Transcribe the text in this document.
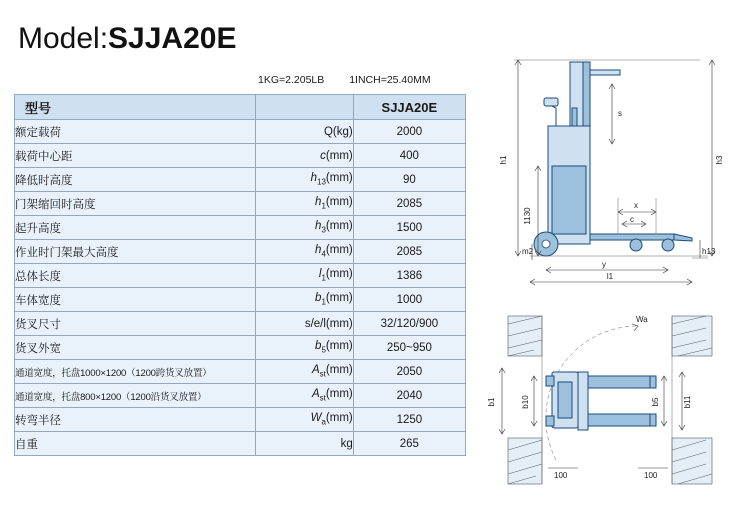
Model: SJJA20E
1KG=2.205LB 1INCH=25.40MM
型号		SJJA20E
额定载荷	Q(kg)	2000
载荷中心距	c(mm)	400
降低时高度	$h_{13}(mm)$	90
门架缩回时高度	$h_1(mm)$	2085
起升高度	$h_3(mm)$	1500
作业时门架最大高度	$h_4(mm)$	2085
总体长度	$l_1(mm)$	1386
车体宽度	$b_1(mm)$	1000
货叉尺寸	s/e/l(mm)	32/120/900
货叉外宽	$b_5(mm)$	250~950
通道宽度，托盘1000×1200（1200跨货叉放置）	$A_{st}(mm)$	2050
通道宽度，托盘800×1200（1200沿货叉放置）	$A_{st}(mm)$	2040
转弯半径	$W_a(mm)$	1250
自重	kg	265
h1
1130
h3
s
x
c
y
l1
m2	h13
Wa
b1	b10	b5	b11
100	100
